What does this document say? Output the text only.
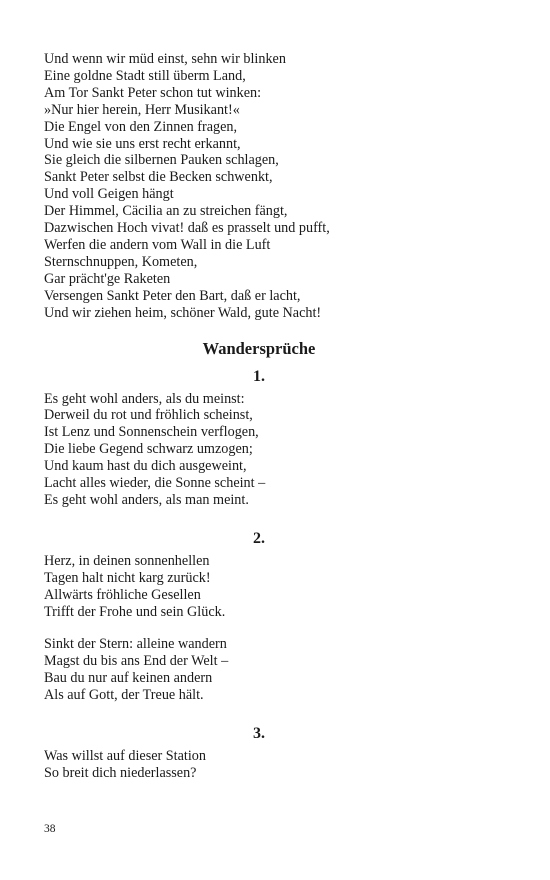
Und wenn wir müd einst, sehn wir blinken
Eine goldne Stadt still überm Land,
Am Tor Sankt Peter schon tut winken:
»Nur hier herein, Herr Musikant!«
Die Engel von den Zinnen fragen,
Und wie sie uns erst recht erkannt,
Sie gleich die silbernen Pauken schlagen,
Sankt Peter selbst die Becken schwenkt,
Und voll Geigen hängt
Der Himmel, Cäcilia an zu streichen fängt,
Dazwischen Hoch vivat! daß es prasselt und pufft,
Werfen die andern vom Wall in die Luft
Sternschnuppen, Kometen,
Gar prächt'ge Raketen
Versengen Sankt Peter den Bart, daß er lacht,
Und wir ziehen heim, schöner Wald, gute Nacht!
Wandersprüche
1.
Es geht wohl anders, als du meinst:
Derweil du rot und fröhlich scheinst,
Ist Lenz und Sonnenschein verflogen,
Die liebe Gegend schwarz umzogen;
Und kaum hast du dich ausgeweint,
Lacht alles wieder, die Sonne scheint –
Es geht wohl anders, als man meint.
2.
Herz, in deinen sonnenhellen
Tagen halt nicht karg zurück!
Allwärts fröhliche Gesellen
Trifft der Frohe und sein Glück.
Sinkt der Stern: alleine wandern
Magst du bis ans End der Welt –
Bau du nur auf keinen andern
Als auf Gott, der Treue hält.
3.
Was willst auf dieser Station
So breit dich niederlassen?
38
